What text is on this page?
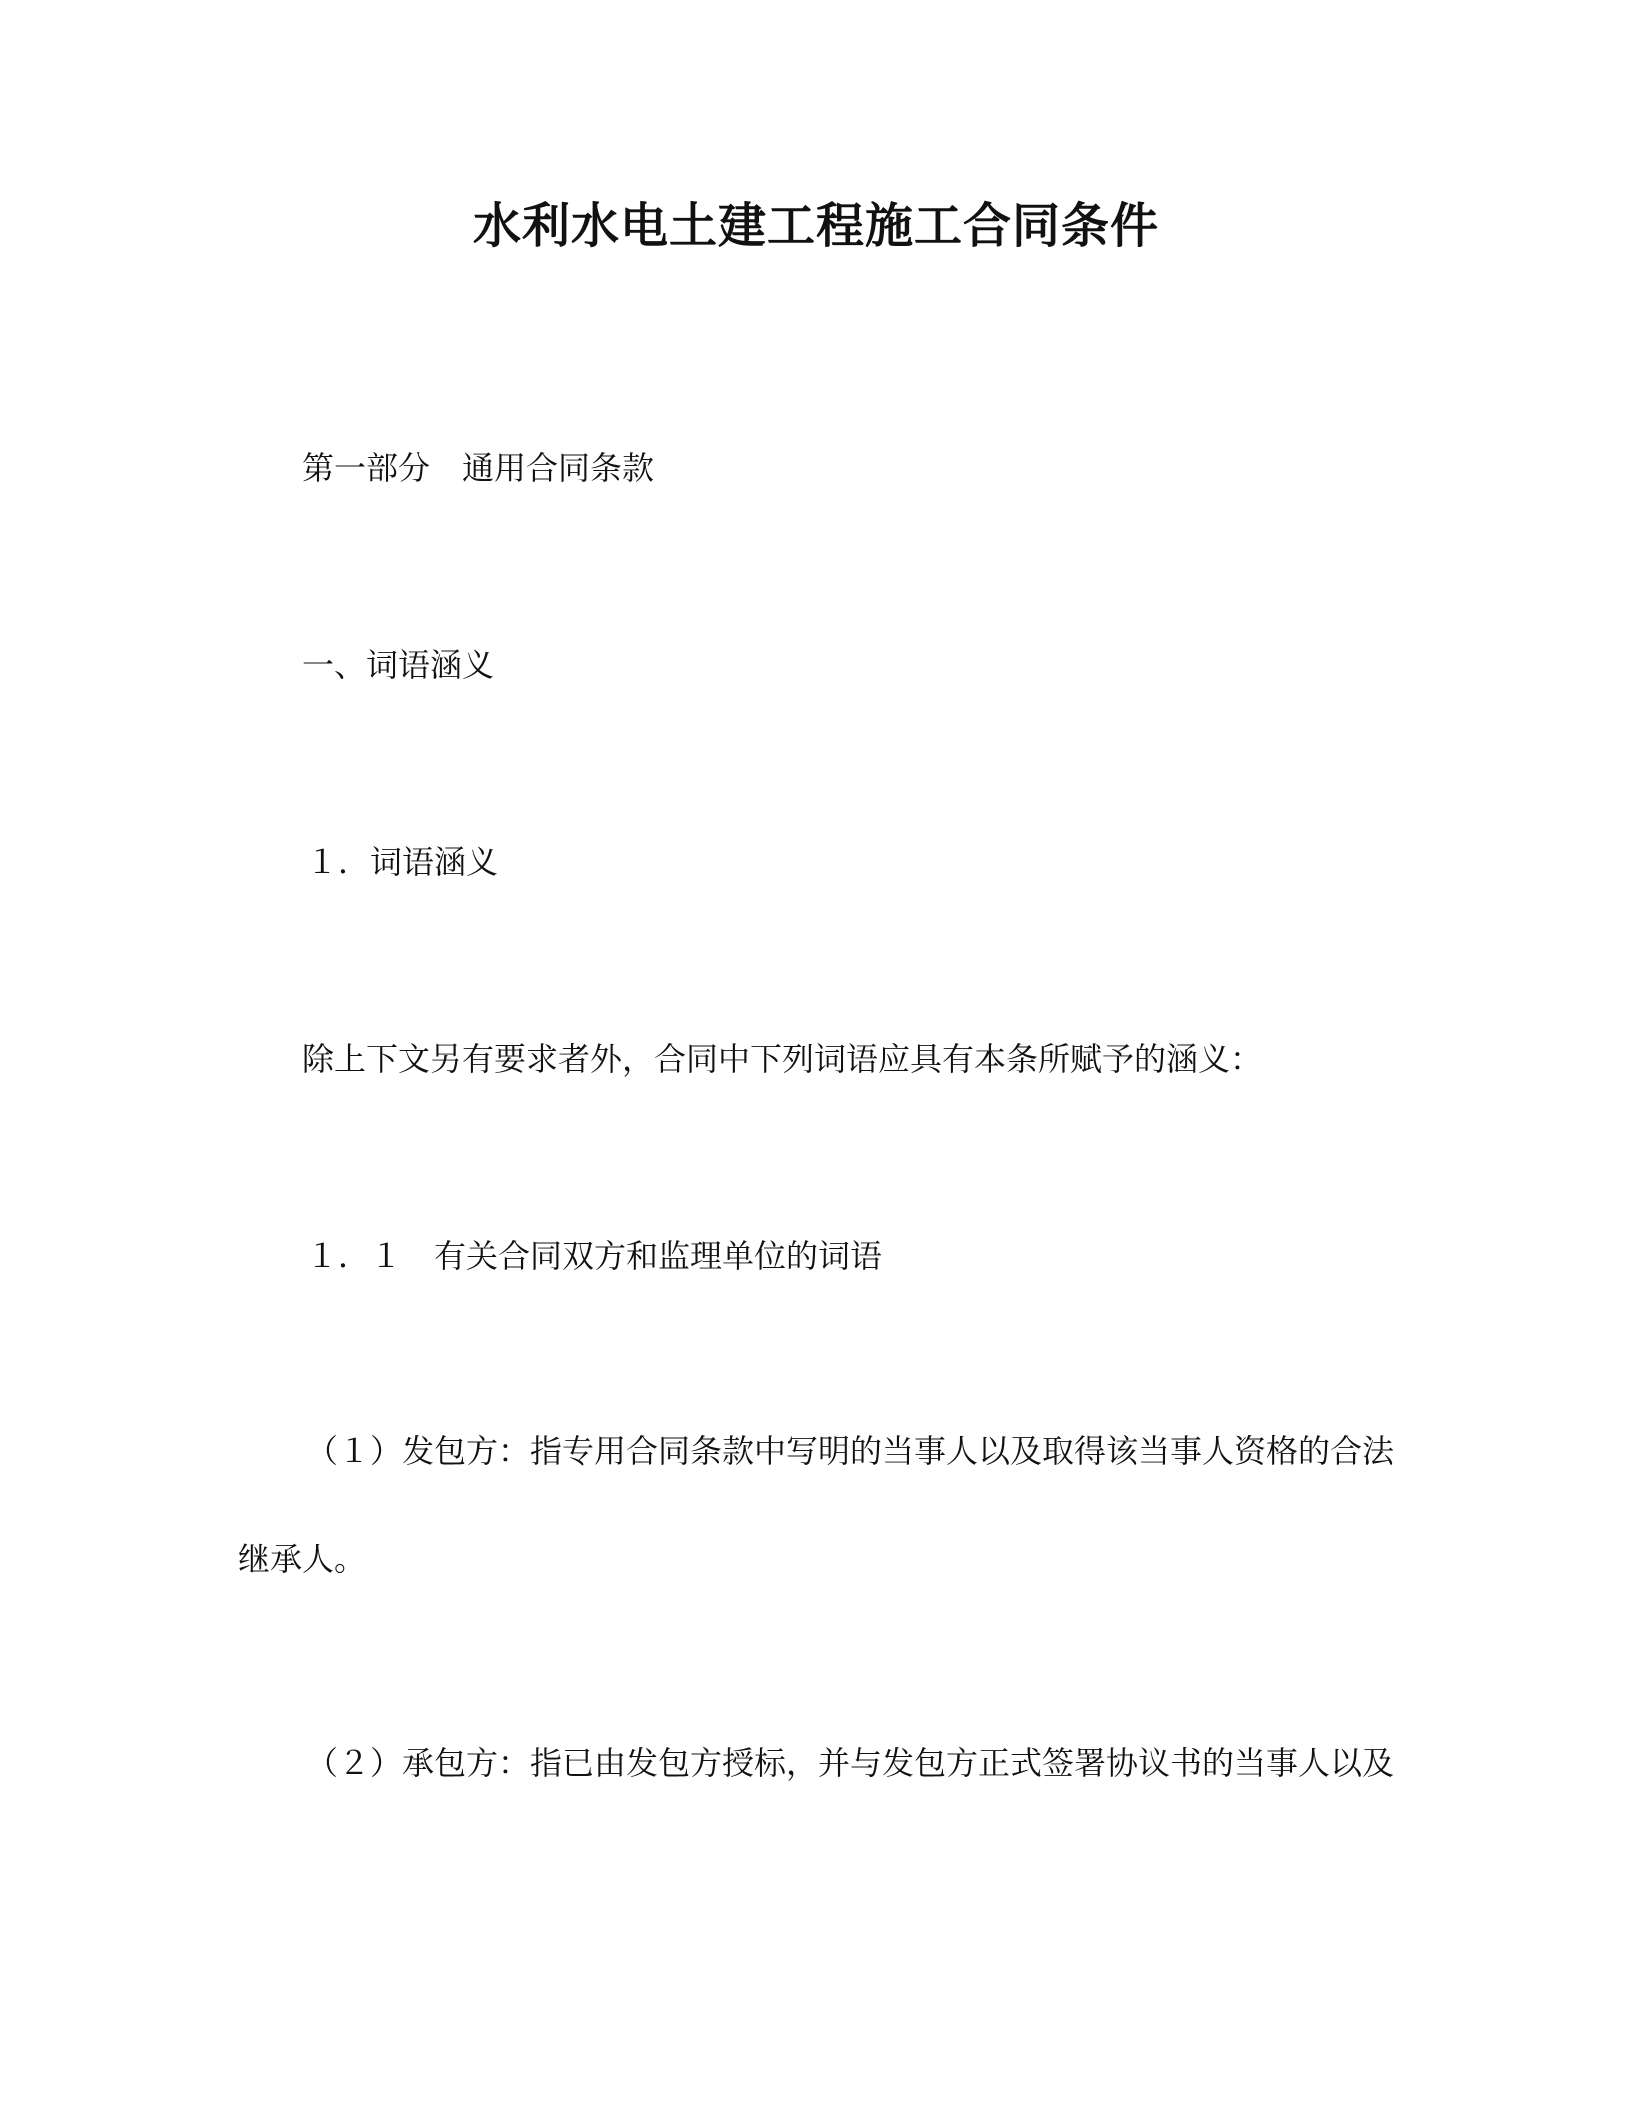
水利水电土建工程施工合同条件
第一部分　通用合同条款
一、词语涵义
１．词语涵义
除上下文另有要求者外，合同中下列词语应具有本条所赋予的涵义：
１．１　有关合同双方和监理单位的词语
（１）发包方：指专用合同条款中写明的当事人以及取得该当事人资格的合法
继承人。
（２）承包方：指已由发包方授标，并与发包方正式签署协议书的当事人以及
